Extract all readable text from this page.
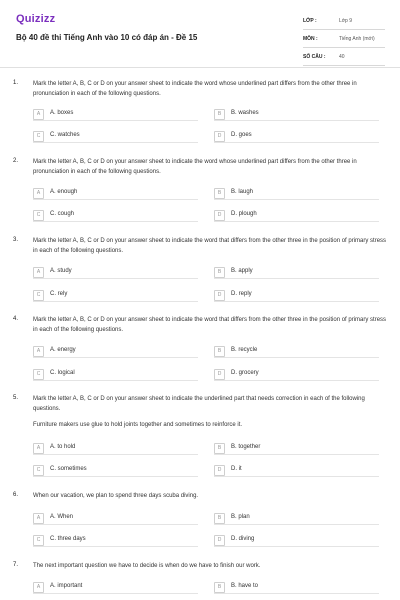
Quizizz
Bộ 40 đề thi Tiếng Anh vào 10 có đáp án - Đề 15
LỚP :	Lớp 9
MÔN :	Tiếng Anh (mới)
SỐ CÂU :	40
1. Mark the letter A, B, C or D on your answer sheet to indicate the word whose underlined part differs from the other three in pronunciation in each of the following questions.
A	A. boxes	B	B. washes
C	C. watches	D	D. goes
2. Mark the letter A, B, C or D on your answer sheet to indicate the word whose underlined part differs from the other three in pronunciation in each of the following questions.
A	A. enough	B	B. laugh
C	C. cough	D	D. plough
3. Mark the letter A, B, C or D on your answer sheet to indicate the word that differs from the other three in the position of primary stress in each of the following questions.
A	A. study	B	B. apply
C	C. rely	D	D. reply
4. Mark the letter A, B, C or D on your answer sheet to indicate the word that differs from the other three in the position of primary stress in each of the following questions.
A	A. energy	B	B. recycle
C	C. logical	D	D. grocery
5. Mark the letter A, B, C or D on your answer sheet to indicate the underlined part that needs correction in each of the following questions.
Furniture makers use glue to hold joints together and sometimes to reinforce it.
A	A. to hold	B	B. together
C	C. sometimes	D	D. it
6. When our vacation, we plan to spend three days scuba diving.
A	A. When	B	B. plan
C	C. three days	D	D. diving
7. The next important question we have to decide is when do we have to finish our work.
A	A. important	B	B. have to
